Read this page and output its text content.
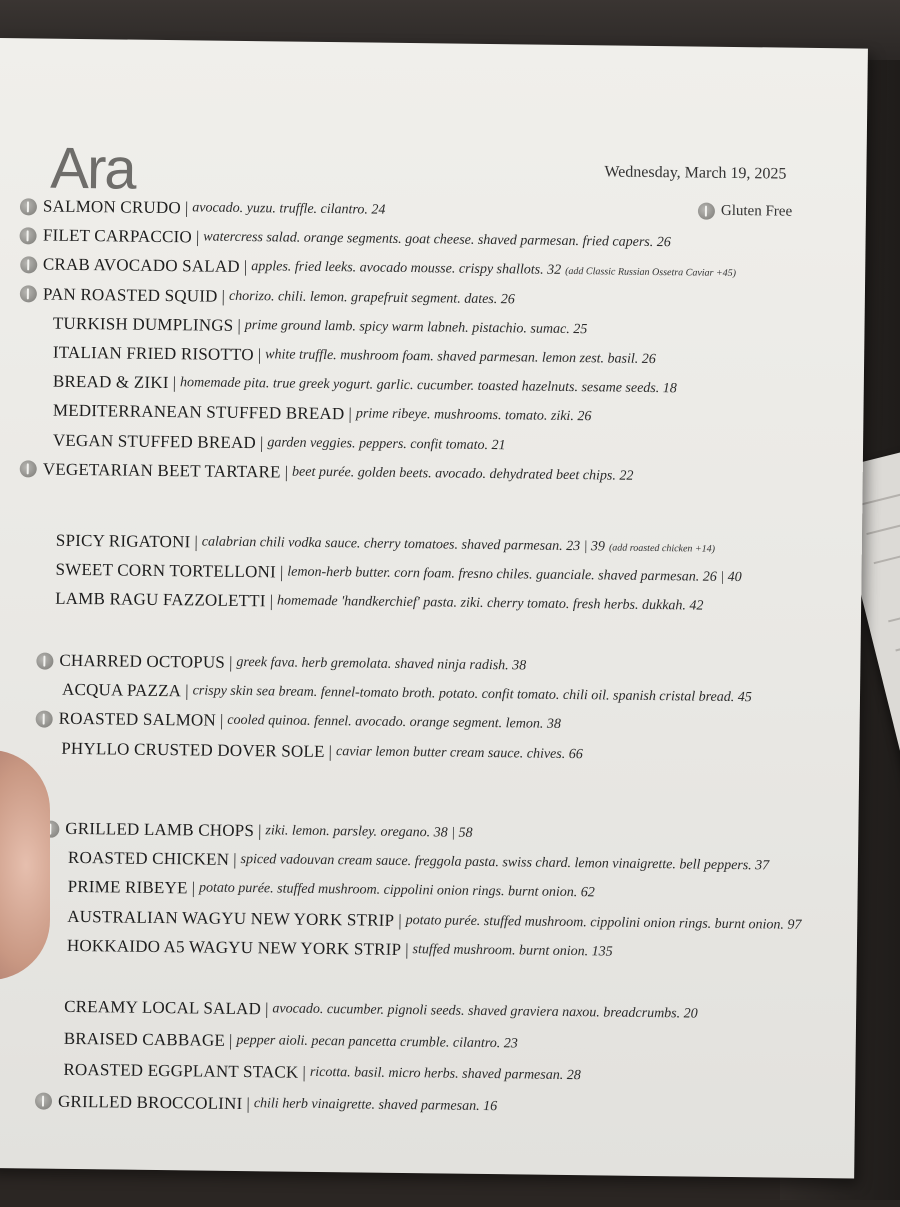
Ara	Wednesday, March 19, 2025
Gluten Free
SALMON CRUDO | avocado. yuzu. truffle. cilantro. 24
FILET CARPACCIO | watercress salad. orange segments. goat cheese. shaved parmesan. fried capers. 26
CRAB AVOCADO SALAD | apples. fried leeks. avocado mousse. crispy shallots. 32 (add Classic Russian Ossetra Caviar +45)
PAN ROASTED SQUID | chorizo. chili. lemon. grapefruit segment. dates. 26
TURKISH DUMPLINGS | prime ground lamb. spicy warm labneh. pistachio. sumac. 25
ITALIAN FRIED RISOTTO | white truffle. mushroom foam. shaved parmesan. lemon zest. basil. 26
BREAD & ZIKI | homemade pita. true greek yogurt. garlic. cucumber. toasted hazelnuts. sesame seeds. 18
MEDITERRANEAN STUFFED BREAD | prime ribeye. mushrooms. tomato. ziki. 26
VEGAN STUFFED BREAD | garden veggies. peppers. confit tomato. 21
VEGETARIAN BEET TARTARE | beet purée. golden beets. avocado. dehydrated beet chips. 22
SPICY RIGATONI | calabrian chili vodka sauce. cherry tomatoes. shaved parmesan. 23 | 39 (add roasted chicken +14)
SWEET CORN TORTELLONI | lemon-herb butter. corn foam. fresno chiles. guanciale. shaved parmesan. 26 | 40
LAMB RAGU FAZZOLETTI | homemade 'handkerchief' pasta. ziki. cherry tomato. fresh herbs. dukkah. 42
CHARRED OCTOPUS | greek fava. herb gremolata. shaved ninja radish. 38
ACQUA PAZZA | crispy skin sea bream. fennel-tomato broth. potato. confit tomato. chili oil. spanish cristal bread. 45
ROASTED SALMON | cooled quinoa. fennel. avocado. orange segment. lemon. 38
PHYLLO CRUSTED DOVER SOLE | caviar lemon butter cream sauce. chives. 66
GRILLED LAMB CHOPS | ziki. lemon. parsley. oregano. 38 | 58
ROASTED CHICKEN | spiced vadouvan cream sauce. freggola pasta. swiss chard. lemon vinaigrette. bell peppers. 37
PRIME RIBEYE | potato purée. stuffed mushroom. cippolini onion rings. burnt onion. 62
AUSTRALIAN WAGYU NEW YORK STRIP | potato purée. stuffed mushroom. cippolini onion rings. burnt onion. 97
HOKKAIDO A5 WAGYU NEW YORK STRIP | stuffed mushroom. burnt onion. 135
CREAMY LOCAL SALAD | avocado. cucumber. pignoli seeds. shaved graviera naxou. breadcrumbs. 20
BRAISED CABBAGE | pepper aioli. pecan pancetta crumble. cilantro. 23
ROASTED EGGPLANT STACK | ricotta. basil. micro herbs. shaved parmesan. 28
GRILLED BROCCOLINI | chili herb vinaigrette. shaved parmesan. 16
